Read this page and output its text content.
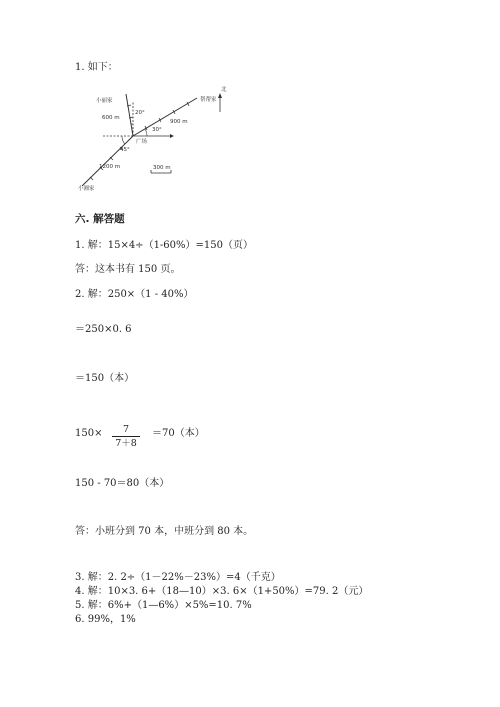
1. 如下：
小丽家	帮帮家
小湘家
广场
北
600 m
900 m
1200 m
20°
30°
45°
300 m
六. 解答题
1. 解：15×4÷（1-60%）=150（页）
答：这本书有 150 页。
2. 解：250×（1 - 40%）
＝250×0. 6
＝150（本）
150×	7
7＋8
＝70（本）
150 - 70＝80（本）
答：小班分到 70 本，中班分到 80 本。
3. 解：2. 2÷（1－22%－23%）=4（千克）
4. 解：10×3. 6+（18—10）×3. 6×（1+50%）=79. 2（元）
5. 解：6%+（1—6%）×5%=10. 7%
6. 99%，1%
